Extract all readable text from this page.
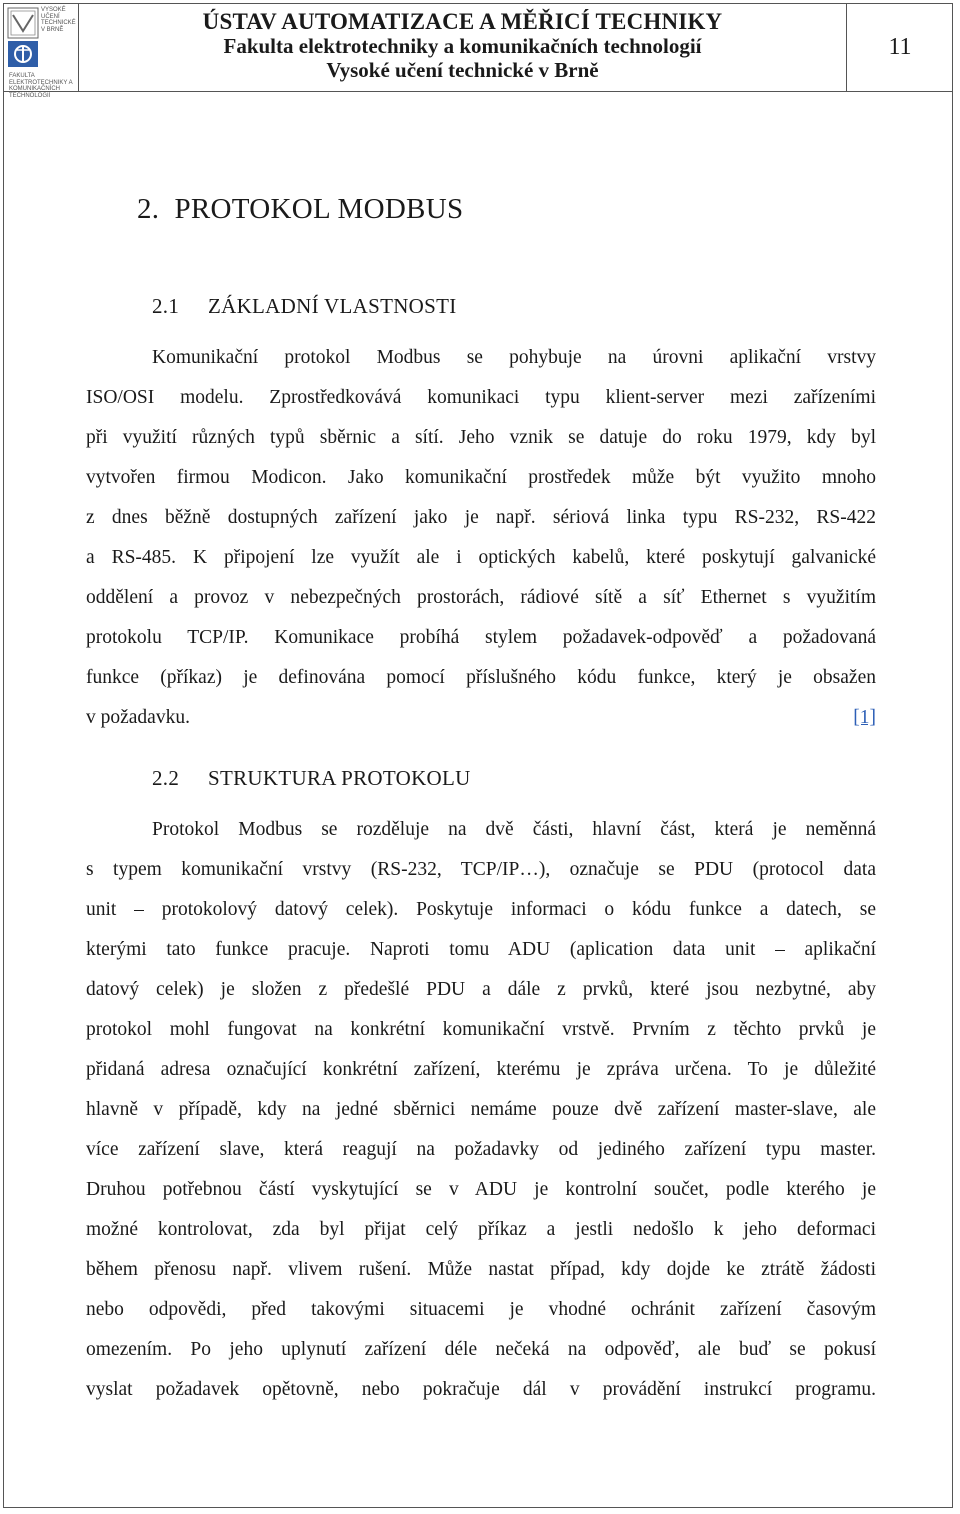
VYSOKÉ UČENÍ TECHNICKÉ V BRNĚ
FAKULTA ELEKTROTECHNIKY A KOMUNIKAČNÍCH TECHNOLOGIÍ
ÚSTAV AUTOMATIZACE A MĚŘICÍ TECHNIKY
Fakulta elektrotechniky a komunikačních technologií
Vysoké učení technické v Brně
11
2. PROTOKOL MODBUS
2.1 ZÁKLADNÍ VLASTNOSTI
Komunikační protokol Modbus se pohybuje na úrovni aplikační vrstvy
ISO/OSI modelu. Zprostředkovává komunikaci typu klient-server mezi zařízeními
při využití různých typů sběrnic a sítí. Jeho vznik se datuje do roku 1979, kdy byl
vytvořen firmou Modicon. Jako komunikační prostředek může být využito mnoho
z dnes běžně dostupných zařízení jako je např. sériová linka typu RS-232, RS-422
a RS-485. K připojení lze využít ale i optických kabelů, které poskytují galvanické
oddělení a provoz v nebezpečných prostorách, rádiové sítě a síť Ethernet s využitím
protokolu TCP/IP. Komunikace probíhá stylem požadavek-odpověď a požadovaná
funkce (příkaz) je definována pomocí příslušného kódu funkce, který je obsažen
v požadavku.	[1]
2.2 STRUKTURA PROTOKOLU
Protokol Modbus se rozděluje na dvě části, hlavní část, která je neměnná
s typem komunikační vrstvy (RS-232, TCP/IP…), označuje se PDU (protocol data
unit – protokolový datový celek). Poskytuje informaci o kódu funkce a datech, se
kterými tato funkce pracuje. Naproti tomu ADU (aplication data unit – aplikační
datový celek) je složen z předešlé PDU a dále z prvků, které jsou nezbytné, aby
protokol mohl fungovat na konkrétní komunikační vrstvě. Prvním z těchto prvků je
přidaná adresa označující konkrétní zařízení, kterému je zpráva určena. To je důležité
hlavně v případě, kdy na jedné sběrnici nemáme pouze dvě zařízení master-slave, ale
více zařízení slave, která reagují na požadavky od jediného zařízení typu master.
Druhou potřebnou částí vyskytující se v ADU je kontrolní součet, podle kterého je
možné kontrolovat, zda byl přijat celý příkaz a jestli nedošlo k jeho deformaci
během přenosu např. vlivem rušení. Může nastat případ, kdy dojde ke ztrátě žádosti
nebo odpovědi, před takovými situacemi je vhodné ochránit zařízení časovým
omezením. Po jeho uplynutí zařízení déle nečeká na odpověď, ale buď se pokusí
vyslat požadavek opětovně, nebo pokračuje dál v provádění instrukcí programu.
